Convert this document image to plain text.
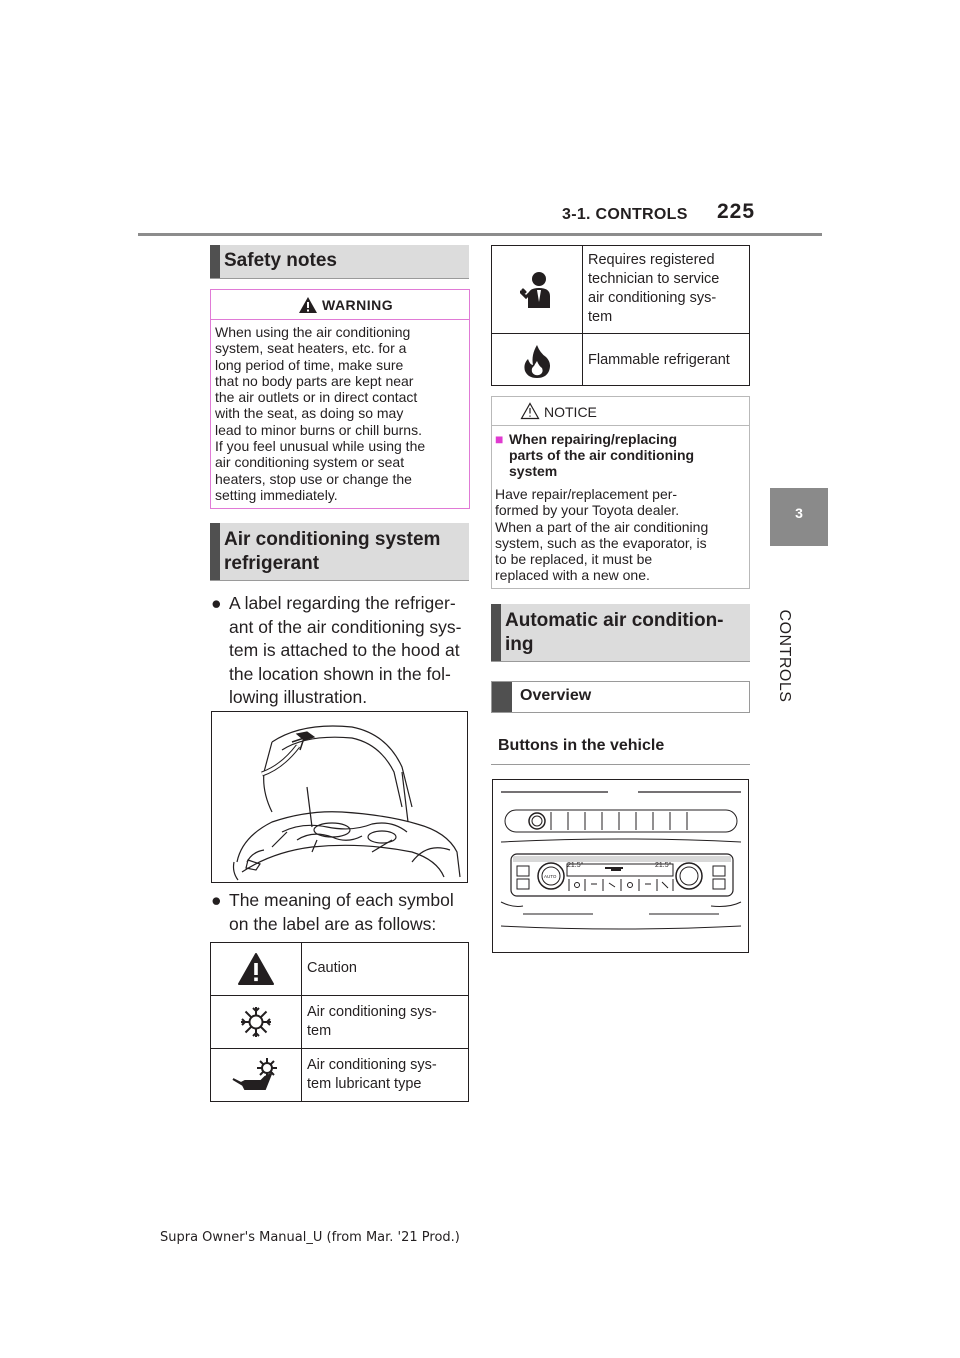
3-1. CONTROLS 225
3
CONTROLS
Safety notes
WARNING
When using the air conditioning
system, seat heaters, etc. for a
long period of time, make sure
that no body parts are kept near
the air outlets or in direct contact
with the seat, as doing so may
lead to minor burns or chill burns.
If you feel unusual while using the
air conditioning system or seat
heaters, stop use or change the
setting immediately.
Air conditioning system
refrigerant
● A label regarding the refriger-
ant of the air conditioning sys-
tem is attached to the hood at
the location shown in the fol-
lowing illustration.
● The meaning of each symbol
on the label are as follows:
Caution
Air conditioning sys-
tem
Air conditioning sys-
tem lubricant type
Requires registered
technician to service
air conditioning sys-
tem
Flammable refrigerant
NOTICE
■ When repairing/replacing
parts of the air conditioning
system
Have repair/replacement per-
formed by your Toyota dealer.
When a part of the air conditioning
system, such as the evaporator, is
to be replaced, it must be
replaced with a new one.
Automatic air condition-
ing
Overview
Buttons in the vehicle
21.5°	21.5°
AUTO
Supra Owner's Manual_U (from Mar. '21 Prod.)
